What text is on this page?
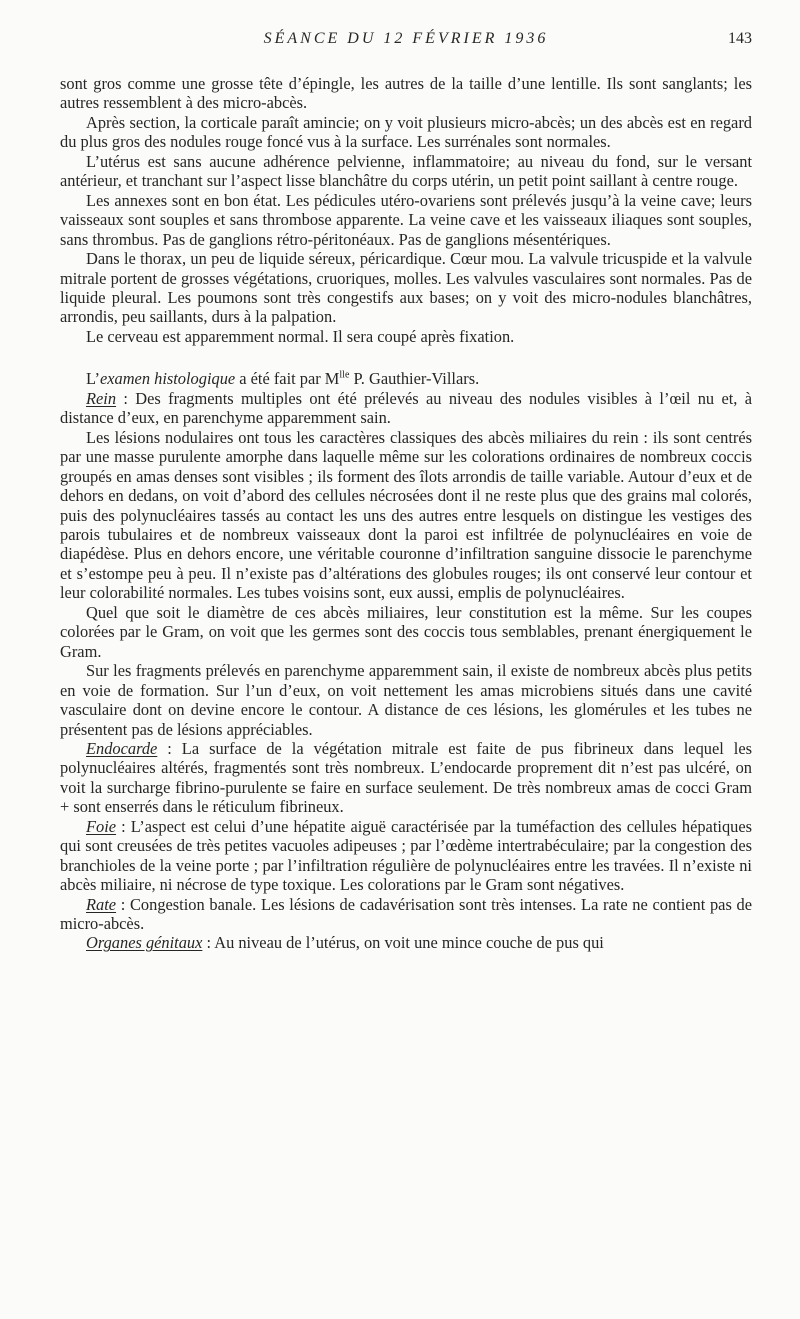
SÉANCE DU 12 FÉVRIER 1936	143

sont gros comme une grosse tête d’épingle, les autres de la taille d’une lentille. Ils sont sanglants; les autres ressemblent à des micro-abcès.

Après section, la corticale paraît amincie; on y voit plusieurs micro-abcès; un des abcès est en regard du plus gros des nodules rouge foncé vus à la surface. Les surrénales sont normales.

L’utérus est sans aucune adhérence pelvienne, inflammatoire; au niveau du fond, sur le versant antérieur, et tranchant sur l’aspect lisse blanchâtre du corps utérin, un petit point saillant à centre rouge.

Les annexes sont en bon état. Les pédicules utéro-ovariens sont prélevés jusqu’à la veine cave; leurs vaisseaux sont souples et sans thrombose apparente. La veine cave et les vaisseaux iliaques sont souples, sans thrombus. Pas de ganglions rétro-péritonéaux. Pas de ganglions mésentériques.

Dans le thorax, un peu de liquide séreux, péricardique. Cœur mou. La valvule tricuspide et la valvule mitrale portent de grosses végétations, cruoriques, molles. Les valvules vasculaires sont normales. Pas de liquide pleural. Les poumons sont très congestifs aux bases; on y voit des micro-nodules blanchâtres, arrondis, peu saillants, durs à la palpation.

Le cerveau est apparemment normal. Il sera coupé après fixation.

L’examen histologique a été fait par $M^{lle}$ P. Gauthier-Villars.

Rein : Des fragments multiples ont été prélevés au niveau des nodules visibles à l’œil nu et, à distance d’eux, en parenchyme apparemment sain.

Les lésions nodulaires ont tous les caractères classiques des abcès miliaires du rein : ils sont centrés par une masse purulente amorphe dans laquelle même sur les colorations ordinaires de nombreux coccis groupés en amas denses sont visibles ; ils forment des îlots arrondis de taille variable. Autour d’eux et de dehors en dedans, on voit d’abord des cellules nécrosées dont il ne reste plus que des grains mal colorés, puis des polynucléaires tassés au contact les uns des autres entre lesquels on distingue les vestiges des parois tubulaires et de nombreux vaisseaux dont la paroi est infiltrée de polynucléaires en voie de diapédèse. Plus en dehors encore, une véritable couronne d’infiltration sanguine dissocie le parenchyme et s’estompe peu à peu. Il n’existe pas d’altérations des globules rouges; ils ont conservé leur contour et leur colorabilité normales. Les tubes voisins sont, eux aussi, emplis de polynucléaires.

Quel que soit le diamètre de ces abcès miliaires, leur constitution est la même. Sur les coupes colorées par le Gram, on voit que les germes sont des coccis tous semblables, prenant énergiquement le Gram.

Sur les fragments prélevés en parenchyme apparemment sain, il existe de nombreux abcès plus petits en voie de formation. Sur l’un d’eux, on voit nettement les amas microbiens situés dans une cavité vasculaire dont on devine encore le contour. A distance de ces lésions, les glomérules et les tubes ne présentent pas de lésions appréciables.

Endocarde : La surface de la végétation mitrale est faite de pus fibrineux dans lequel les polynucléaires altérés, fragmentés sont très nombreux. L’endocarde proprement dit n’est pas ulcéré, on voit la surcharge fibrino-purulente se faire en surface seulement. De très nombreux amas de cocci Gram + sont enserrés dans le réticulum fibrineux.

Foie : L’aspect est celui d’une hépatite aiguë caractérisée par la tuméfaction des cellules hépatiques qui sont creusées de très petites vacuoles adipeuses ; par l’œdème intertrabéculaire; par la congestion des branchioles de la veine porte ; par l’infiltration régulière de polynucléaires entre les travées. Il n’existe ni abcès miliaire, ni nécrose de type toxique. Les colorations par le Gram sont négatives.

Rate : Congestion banale. Les lésions de cadavérisation sont très intenses. La rate ne contient pas de micro-abcès.

Organes génitaux : Au niveau de l’utérus, on voit une mince couche de pus qui
